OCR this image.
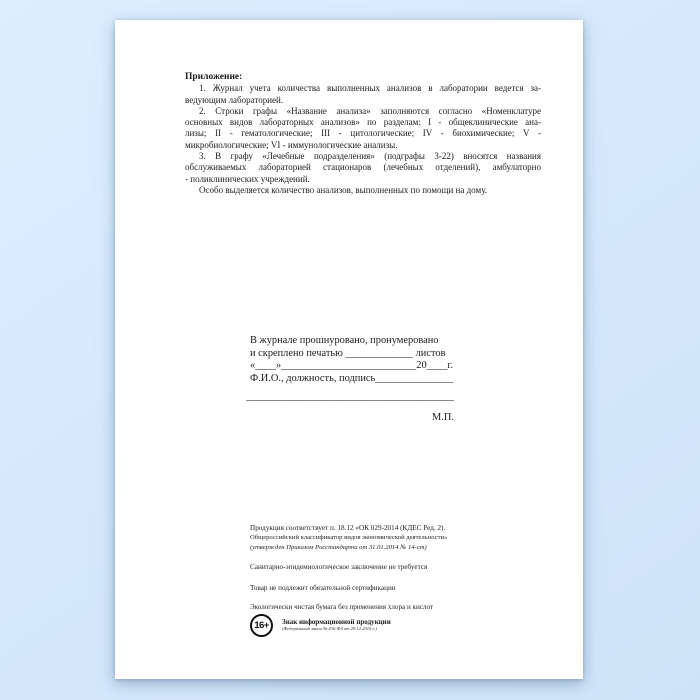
Приложение:
1. Журнал учета количества выполненных анализов в лаборатории ведется за-
ведующим лабораторией.
2. Строки графы «Название анализа» заполняются согласно «Номенклатуре
основных видов лабораторных анализов» по разделам: I - общеклинические ана-
лизы; II - гематологические; III - цитологические; IV - биохимические; V -
микробиологические; VI - иммунологические анализы.
3. В графу «Лечебные подразделения» (подграфы 3-22) вносятся названия
обслуживаемых лабораторией стационаров (лечебных отделений), амбулаторно
- поликлинических учреждений.
Особо выделяется количество анализов, выполненных по помощи на дому.
В журнале прошнуровано, пронумеровано
и скреплено печатью _____________ листов
«____»__________________________20____г.
Ф.И.О., должность, подпись_______________
________________________________________
М.П.
Продукция соответствует п. 18.12 «ОК 029-2014 (КДЕС Ред. 2).
Общероссийский классификатор видов экономической деятельности»
(утвержден Приказом Росстандарта от 31.01.2014 № 14-ст)
Санитарно-эпидемиологическое заключение не требуется
Товар не подлежит обязательной сертификации
Экологически чистая бумага без применения хлора и кислот
16+	Знак информационной продукции
(Федеральный закон № 436-ФЗ от 29.12.2010 г.)
